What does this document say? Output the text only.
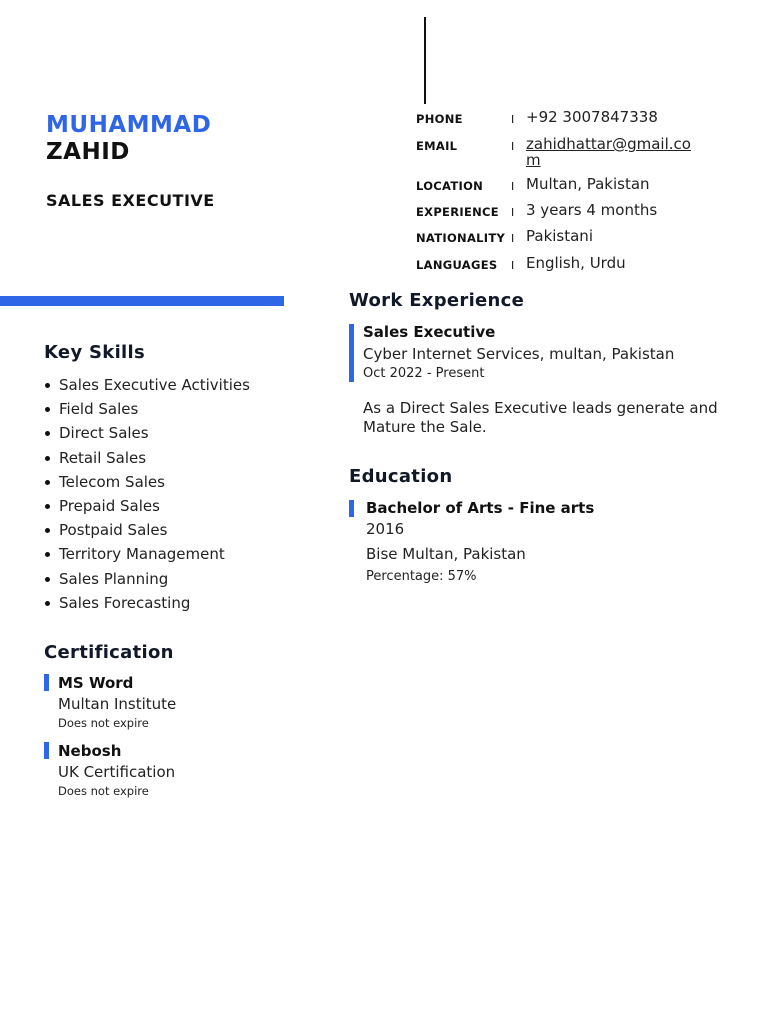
MUHAMMAD
ZAHID
SALES EXECUTIVE
PHONE	I +92 3007847338
EMAIL	I zahidhattar@gmail.com
LOCATION	I Multan, Pakistan
EXPERIENCE I 3 years 4 months
NATIONALITY I Pakistani
LANGUAGES I English, Urdu
Key Skills
Sales Executive Activities
Field Sales
Direct Sales
Retail Sales
Telecom Sales
Prepaid Sales
Postpaid Sales
Territory Management
Sales Planning
Sales Forecasting
Certification
MS Word
Multan Institute
Does not expire
Nebosh
UK Certification
Does not expire
Work Experience
Sales Executive
Cyber Internet Services, multan, Pakistan
Oct 2022 - Present
As a Direct Sales Executive leads generate and Mature the Sale.
Education
Bachelor of Arts - Fine arts
2016
Bise Multan, Pakistan
Percentage: 57%
